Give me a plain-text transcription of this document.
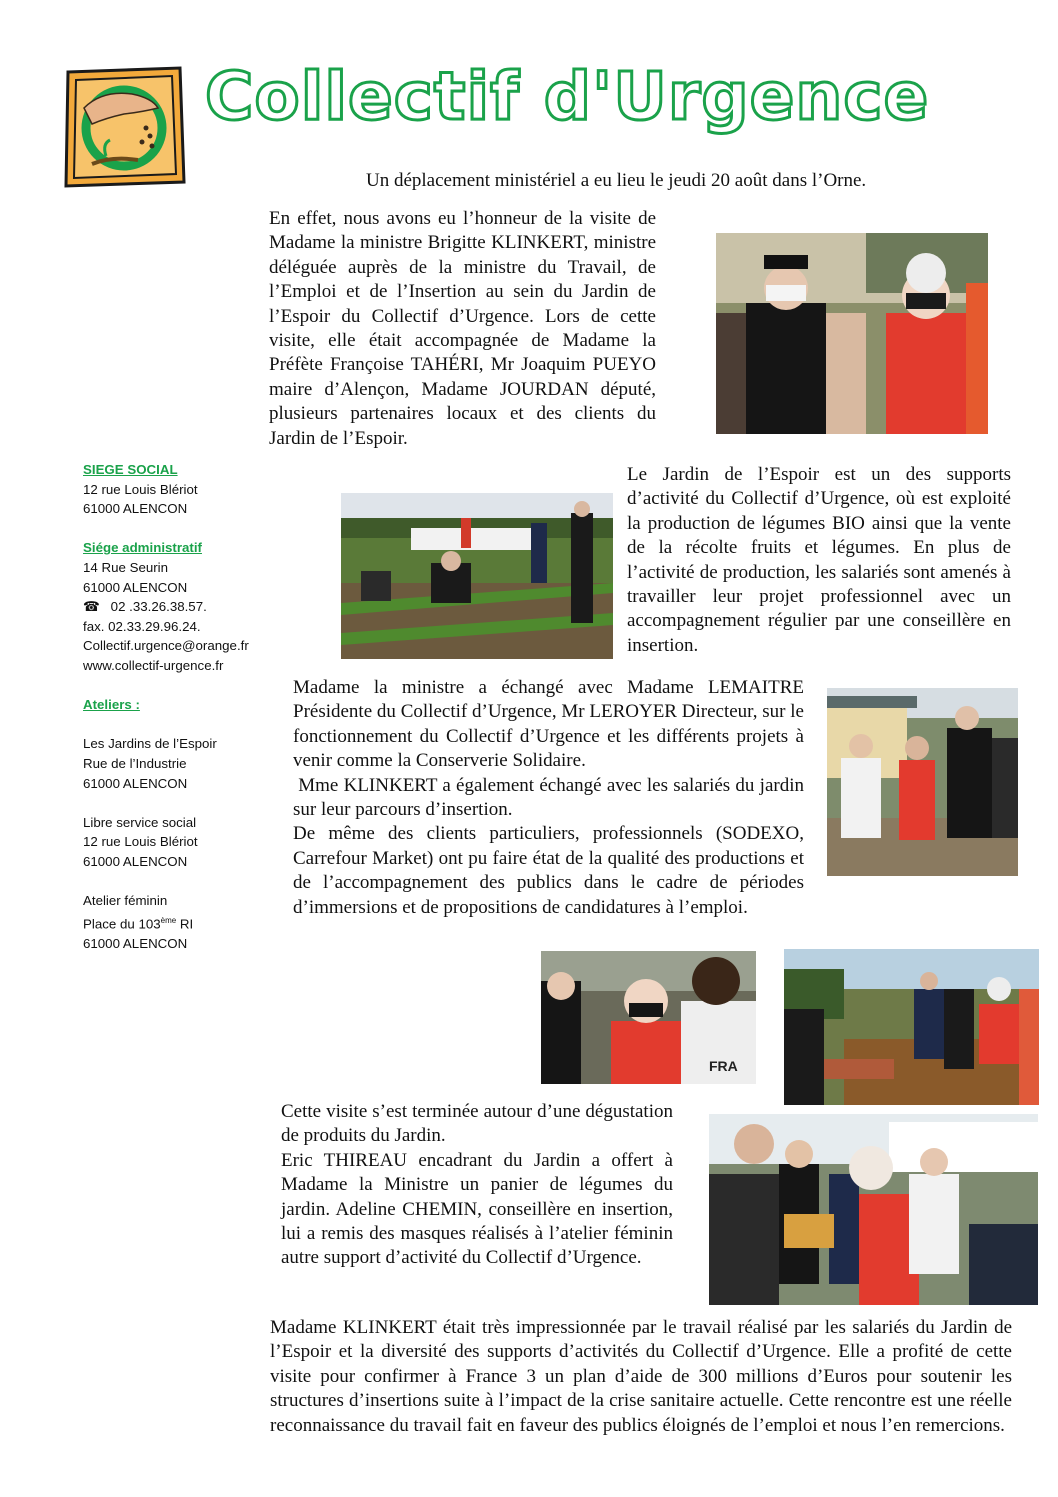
Collectif d'Urgence
Un déplacement ministériel a eu lieu le jeudi 20 août dans l’Orne.
En effet, nous avons eu l’honneur de la visite de Madame la ministre Brigitte KLINKERT, ministre déléguée auprès de la ministre du Travail, de l’Emploi et de l’Insertion au sein du Jardin de l’Espoir du Collectif d’Urgence. Lors de cette visite, elle était accompagnée de Madame la Préfète Françoise TAHÉRI, Mr Joaquim PUEYO maire d’Alençon, Madame JOURDAN député, plusieurs partenaires locaux et des clients du Jardin de l’Espoir.
Le Jardin de l’Espoir est un des supports d’activité du Collectif d’Urgence, où est exploité la production de légumes BIO ainsi que la vente de la récolte fruits et légumes. En plus de l’activité de production, les salariés sont amenés à travailler leur projet professionnel avec un accompagnement régulier par une conseillère en insertion.
Madame la ministre a échangé avec Madame LEMAITRE Présidente du Collectif d’Urgence, Mr LEROYER Directeur, sur le fonctionnement du Collectif d’Urgence et les différents projets à venir comme la Conserverie Solidaire.
Mme KLINKERT a également échangé avec les salariés du jardin sur leur parcours d’insertion.
De même des clients particuliers, professionnels (SODEXO, Carrefour Market) ont pu faire état de la qualité des productions et de l’accompagnement des publics dans le cadre de périodes d’immersions et de propositions de candidatures à l’emploi.
FRA
Cette visite s’est terminée autour d’une dégustation de produits du Jardin.
Eric THIREAU encadrant du Jardin a offert à Madame la Ministre un panier de légumes du jardin. Adeline CHEMIN, conseillère en insertion, lui a remis des masques réalisés à l’atelier féminin autre support d’activité du Collectif d’Urgence.
Madame KLINKERT était très impressionnée par le travail réalisé par les salariés du Jardin de l’Espoir et la diversité des supports d’activités du Collectif d’Urgence. Elle a profité de cette visite pour confirmer à France 3 un plan d’aide de 300 millions d’Euros pour soutenir les structures d’insertions suite à l’impact de la crise sanitaire actuelle. Cette rencontre est une réelle reconnaissance du travail fait en faveur des publics éloignés de l’emploi et nous l’en remercions.
SIEGE SOCIAL
12 rue Louis Blériot
61000 ALENCON
Siége administratif
14 Rue Seurin
61000 ALENCON
☎ 02 .33.26.38.57.
fax. 02.33.29.96.24.
Collectif.urgence@orange.fr
www.collectif-urgence.fr
Ateliers :
Les Jardins de l’Espoir
Rue de l’Industrie
61000 ALENCON
Libre service social
12 rue Louis Blériot
61000 ALENCON
Atelier féminin
Place du 103ème RI
61000 ALENCON
